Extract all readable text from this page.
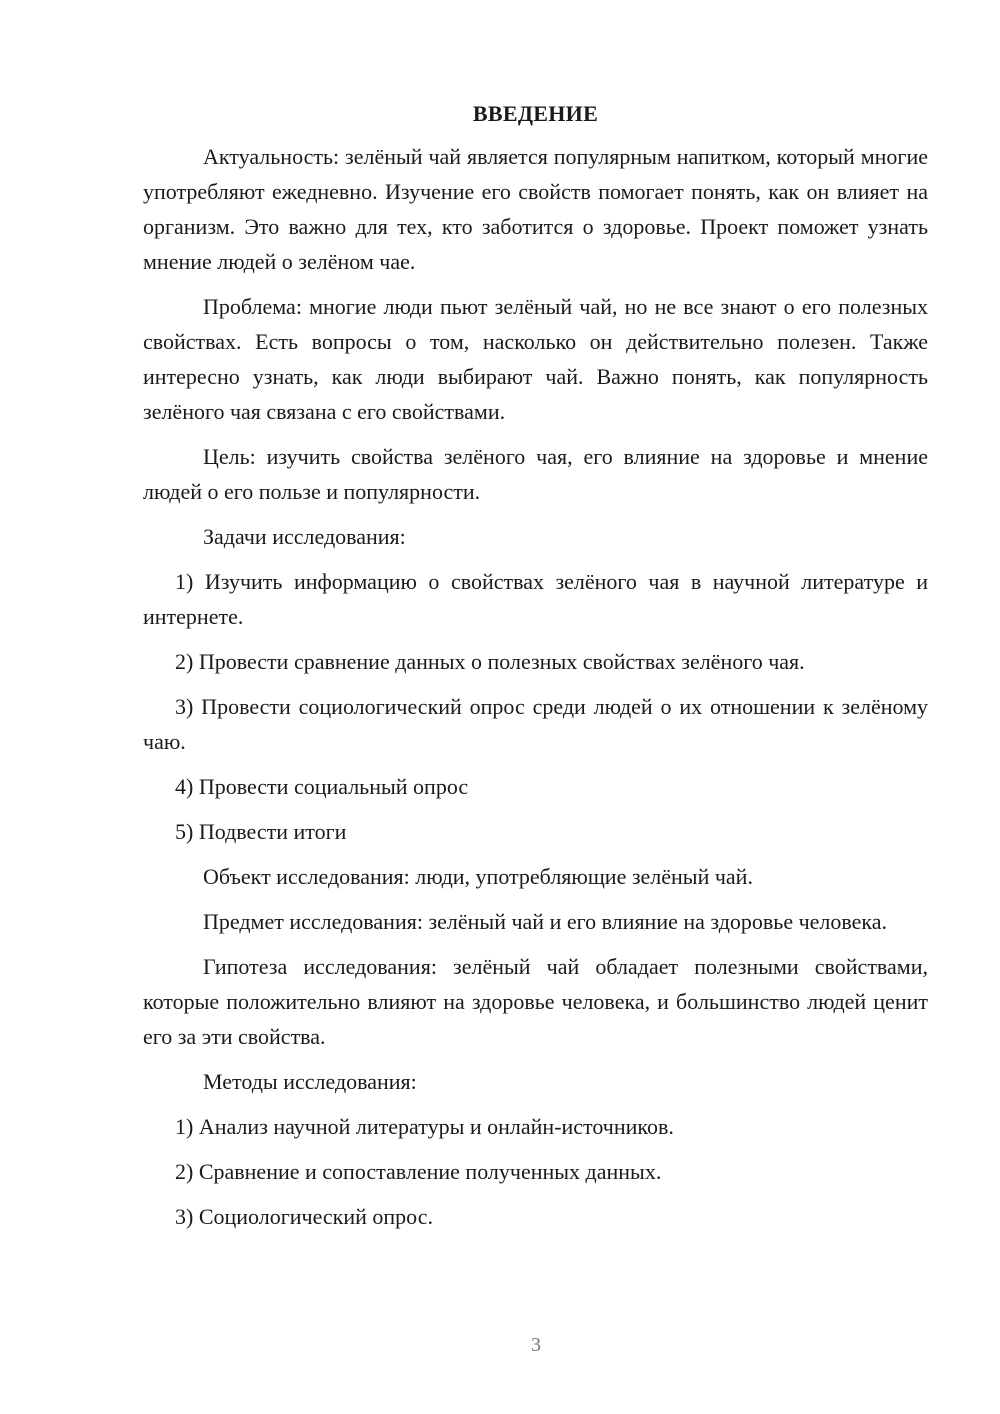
ВВЕДЕНИЕ

Актуальность: зелёный чай является популярным напитком, который многие употребляют ежедневно. Изучение его свойств помогает понять, как он влияет на организм. Это важно для тех, кто заботится о здоровье. Проект поможет узнать мнение людей о зелёном чае.

Проблема: многие люди пьют зелёный чай, но не все знают о его полезных свойствах. Есть вопросы о том, насколько он действительно полезен. Также интересно узнать, как люди выбирают чай. Важно понять, как популярность зелёного чая связана с его свойствами.

Цель: изучить свойства зелёного чая, его влияние на здоровье и мнение людей о его пользе и популярности.

Задачи исследования:

1) Изучить информацию о свойствах зелёного чая в научной литературе и интернете.

2) Провести сравнение данных о полезных свойствах зелёного чая.

3) Провести социологический опрос среди людей о их отношении к зелёному чаю.

4) Провести социальный опрос

5) Подвести итоги

Объект исследования: люди, употребляющие зелёный чай.

Предмет исследования: зелёный чай и его влияние на здоровье человека.

Гипотеза исследования: зелёный чай обладает полезными свойствами, которые положительно влияют на здоровье человека, и большинство людей ценит его за эти свойства.

Методы исследования:

1) Анализ научной литературы и онлайн-источников.

2) Сравнение и сопоставление полученных данных.

3) Социологический опрос.

3
